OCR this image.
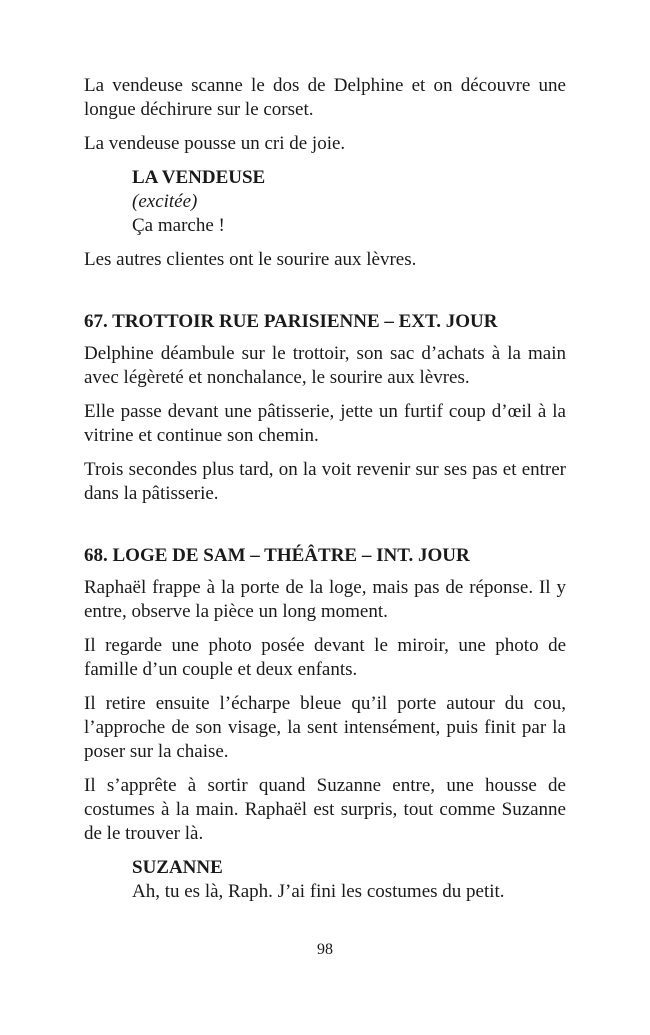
La vendeuse scanne le dos de Delphine et on découvre une longue déchirure sur le corset.

La vendeuse pousse un cri de joie.

LA VENDEUSE
(excitée)
Ça marche !

Les autres clientes ont le sourire aux lèvres.

67. TROTTOIR RUE PARISIENNE – EXT. JOUR

Delphine déambule sur le trottoir, son sac d’achats à la main avec légèreté et nonchalance, le sourire aux lèvres.

Elle passe devant une pâtisserie, jette un furtif coup d’œil à la vitrine et continue son chemin.

Trois secondes plus tard, on la voit revenir sur ses pas et entrer dans la pâtisserie.

68. LOGE DE SAM – THÉÂTRE – INT. JOUR

Raphaël frappe à la porte de la loge, mais pas de réponse. Il y entre, observe la pièce un long moment.

Il regarde une photo posée devant le miroir, une photo de famille d’un couple et deux enfants.

Il retire ensuite l’écharpe bleue qu’il porte autour du cou, l’approche de son visage, la sent intensément, puis finit par la poser sur la chaise.

Il s’apprête à sortir quand Suzanne entre, une housse de costumes à la main. Raphaël est surpris, tout comme Suzanne de le trouver là.

SUZANNE
Ah, tu es là, Raph. J’ai fini les costumes du petit.
98
